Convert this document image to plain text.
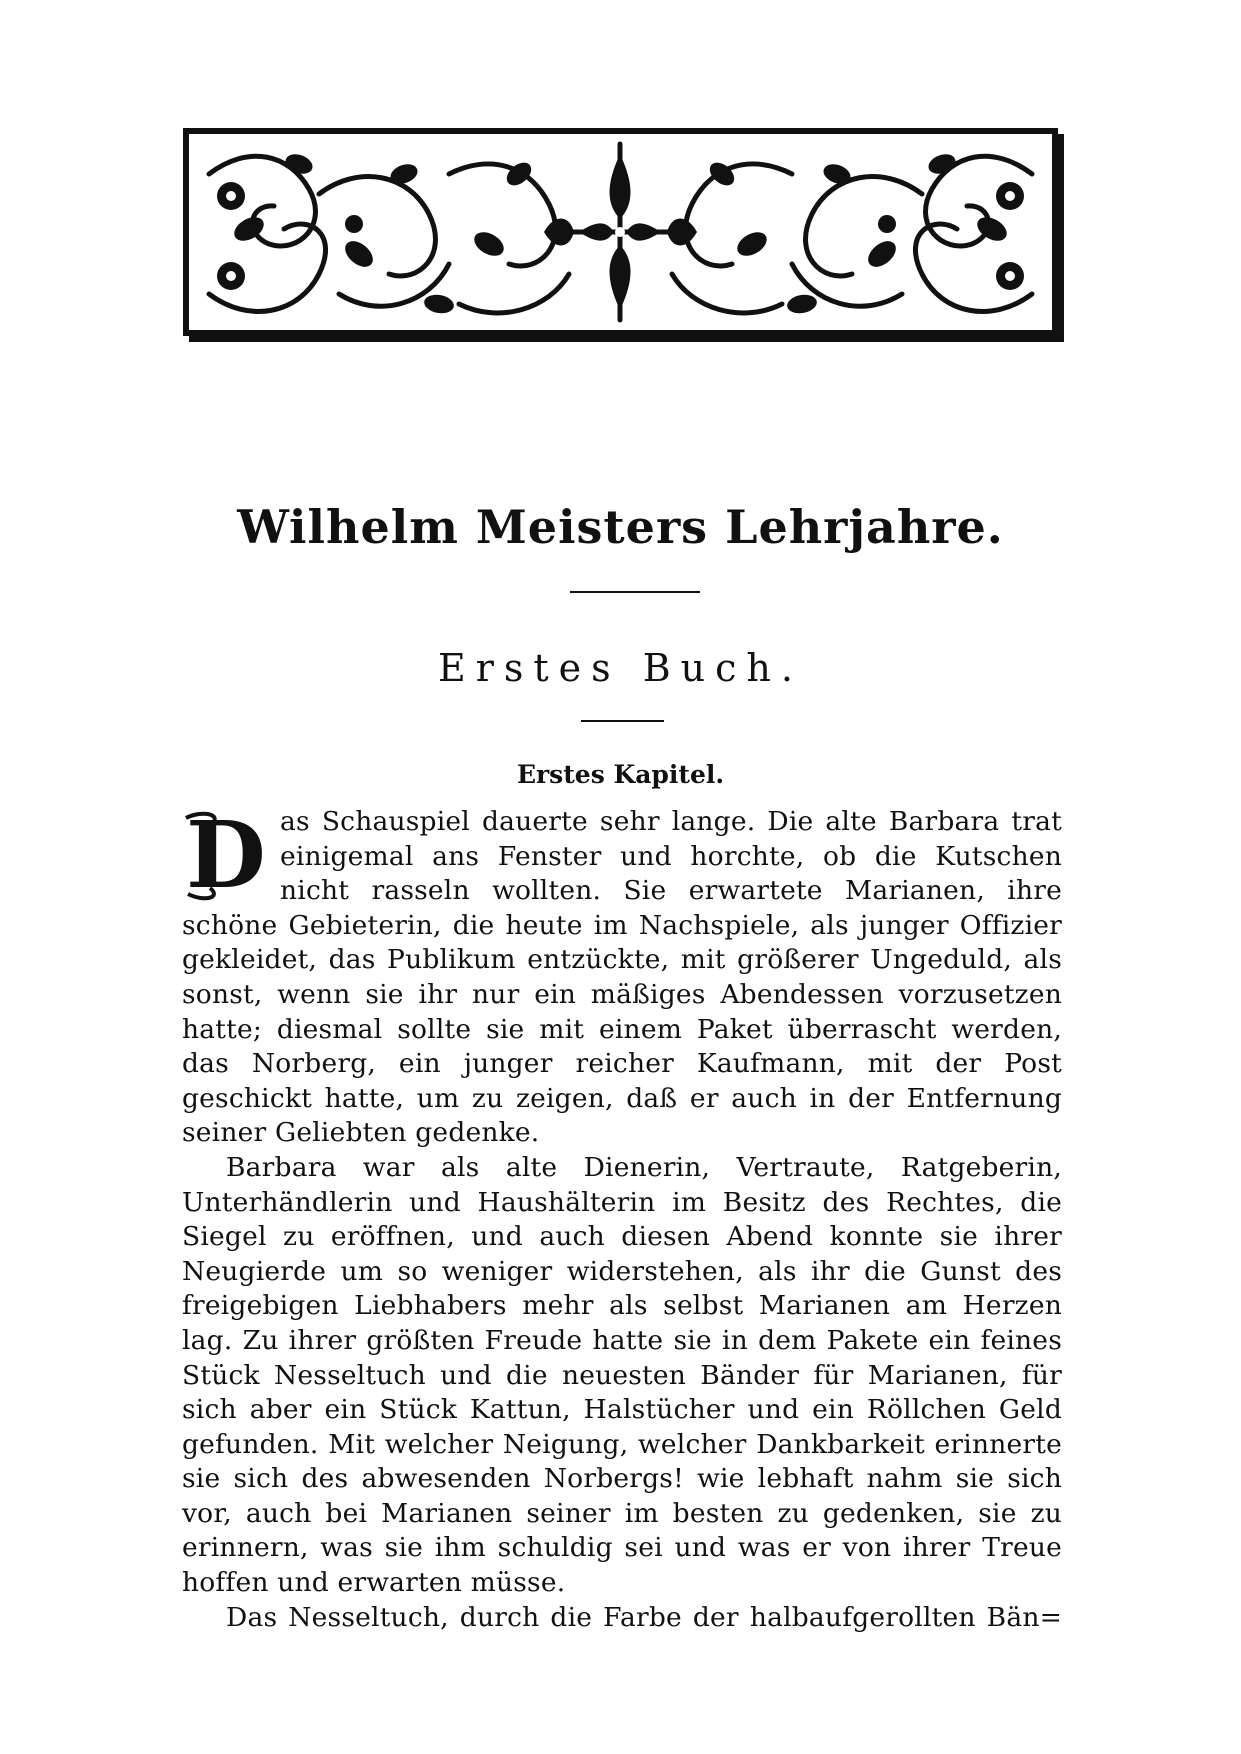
Wilhelm Meisters Lehrjahre.
Erstes Buch.
Erstes Kapitel.

Das Schauspiel dauerte sehr lange. Die alte Barbara trat einigemal ans Fenster und horchte, ob die Kutschen nicht rasseln wollten. Sie erwartete Marianen, ihre schöne Gebieterin, die heute im Nachspiele, als junger Offizier gekleidet, das Publikum entzückte, mit größerer Ungeduld, als sonst, wenn sie ihr nur ein mäßiges Abendessen vorzusetzen hatte; diesmal sollte sie mit einem Paket überrascht werden, das Norberg, ein junger reicher Kaufmann, mit der Post geschickt hatte, um zu zeigen, daß er auch in der Entfernung seiner Geliebten gedenke.

Barbara war als alte Dienerin, Vertraute, Ratgeberin, Unterhändlerin und Haushälterin im Besitz des Rechtes, die Siegel zu eröffnen, und auch diesen Abend konnte sie ihrer Neugierde um so weniger widerstehen, als ihr die Gunst des freigebigen Liebhabers mehr als selbst Marianen am Herzen lag. Zu ihrer größten Freude hatte sie in dem Pakete ein feines Stück Nesseltuch und die neuesten Bänder für Marianen, für sich aber ein Stück Kattun, Halstücher und ein Röllchen Geld gefunden. Mit welcher Neigung, welcher Dankbarkeit erinnerte sie sich des abwesenden Norbergs! wie lebhaft nahm sie sich vor, auch bei Marianen seiner im besten zu gedenken, sie zu erinnern, was sie ihm schuldig sei und was er von ihrer Treue hoffen und erwarten müsse.

Das Nesseltuch, durch die Farbe der halbaufgerollten Bän=
